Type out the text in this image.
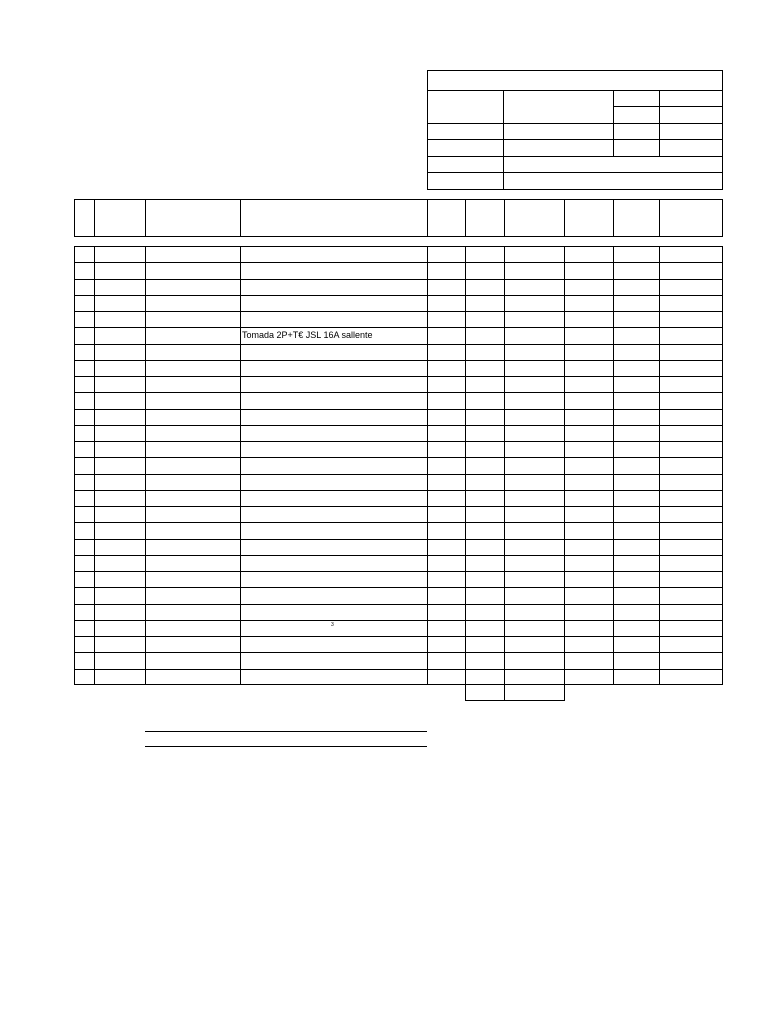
Tomada 2P+T€ JSL 16A sallente
3
